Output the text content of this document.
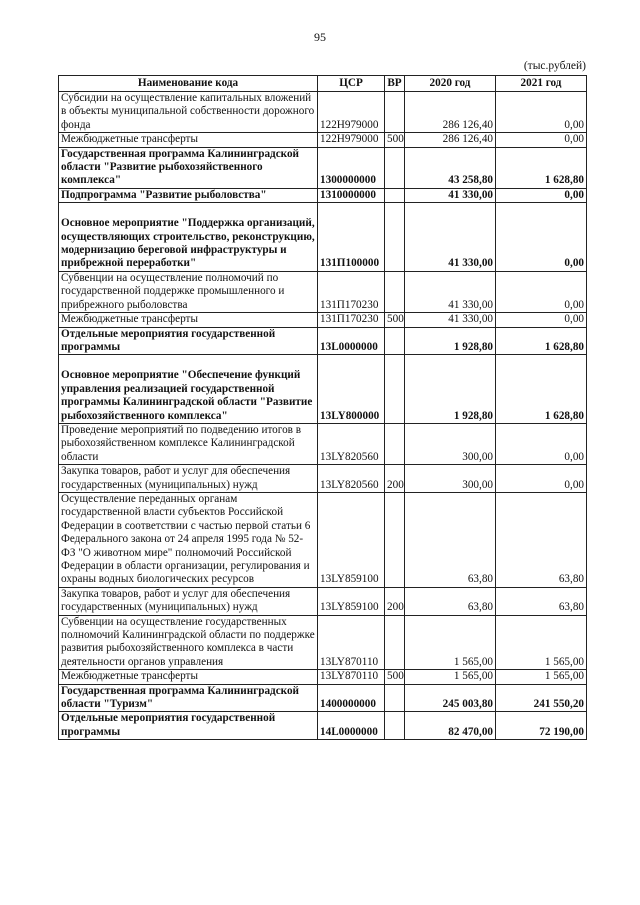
95
(тыс.рублей)
Наименование кода	ЦСР	ВР	2020 год	2021 год
Субсидии на осуществление капитальных вложений в объекты муниципальной собственности дорожного фонда	122Н979000		286 126,40	0,00
Межбюджетные трансферты	122Н979000	500	286 126,40	0,00
Государственная программа Калининградской области "Развитие рыбохозяйственного комплекса"	1300000000		43 258,80	1 628,80
Подпрограмма "Развитие рыболовства"	1310000000		41 330,00	0,00
Основное мероприятие "Поддержка организаций, осуществляющих строительство, реконструкцию, модернизацию береговой инфраструктуры и прибрежной переработки"	131П100000		41 330,00	0,00
Субвенции на осуществление полномочий по государственной поддержке промышленного и прибрежного рыболовства	131П170230		41 330,00	0,00
Межбюджетные трансферты	131П170230	500	41 330,00	0,00
Отдельные мероприятия государственной программы	13L0000000		1 928,80	1 628,80
Основное мероприятие "Обеспечение функций управления реализацией государственной программы Калининградской области "Развитие рыбохозяйственного комплекса"	13LY800000		1 928,80	1 628,80
Проведение мероприятий по подведению итогов в рыбохозяйственном комплексе Калининградской области	13LY820560		300,00	0,00
Закупка товаров, работ и услуг для обеспечения государственных (муниципальных) нужд	13LY820560	200	300,00	0,00
Осуществление переданных органам государственной власти субъектов Российской Федерации в соответствии с частью первой статьи 6 Федерального закона от 24 апреля 1995 года № 52-ФЗ "О животном мире" полномочий Российской Федерации в области организации, регулирования и охраны водных биологических ресурсов	13LY859100		63,80	63,80
Закупка товаров, работ и услуг для обеспечения государственных (муниципальных) нужд	13LY859100	200	63,80	63,80
Субвенции на осуществление государственных полномочий Калининградской области по поддержке развития рыбохозяйственного комплекса в части деятельности органов управления	13LY870110		1 565,00	1 565,00
Межбюджетные трансферты	13LY870110	500	1 565,00	1 565,00
Государственная программа Калининградской области "Туризм"	1400000000		245 003,80	241 550,20
Отдельные мероприятия государственной программы	14L0000000		82 470,00	72 190,00
